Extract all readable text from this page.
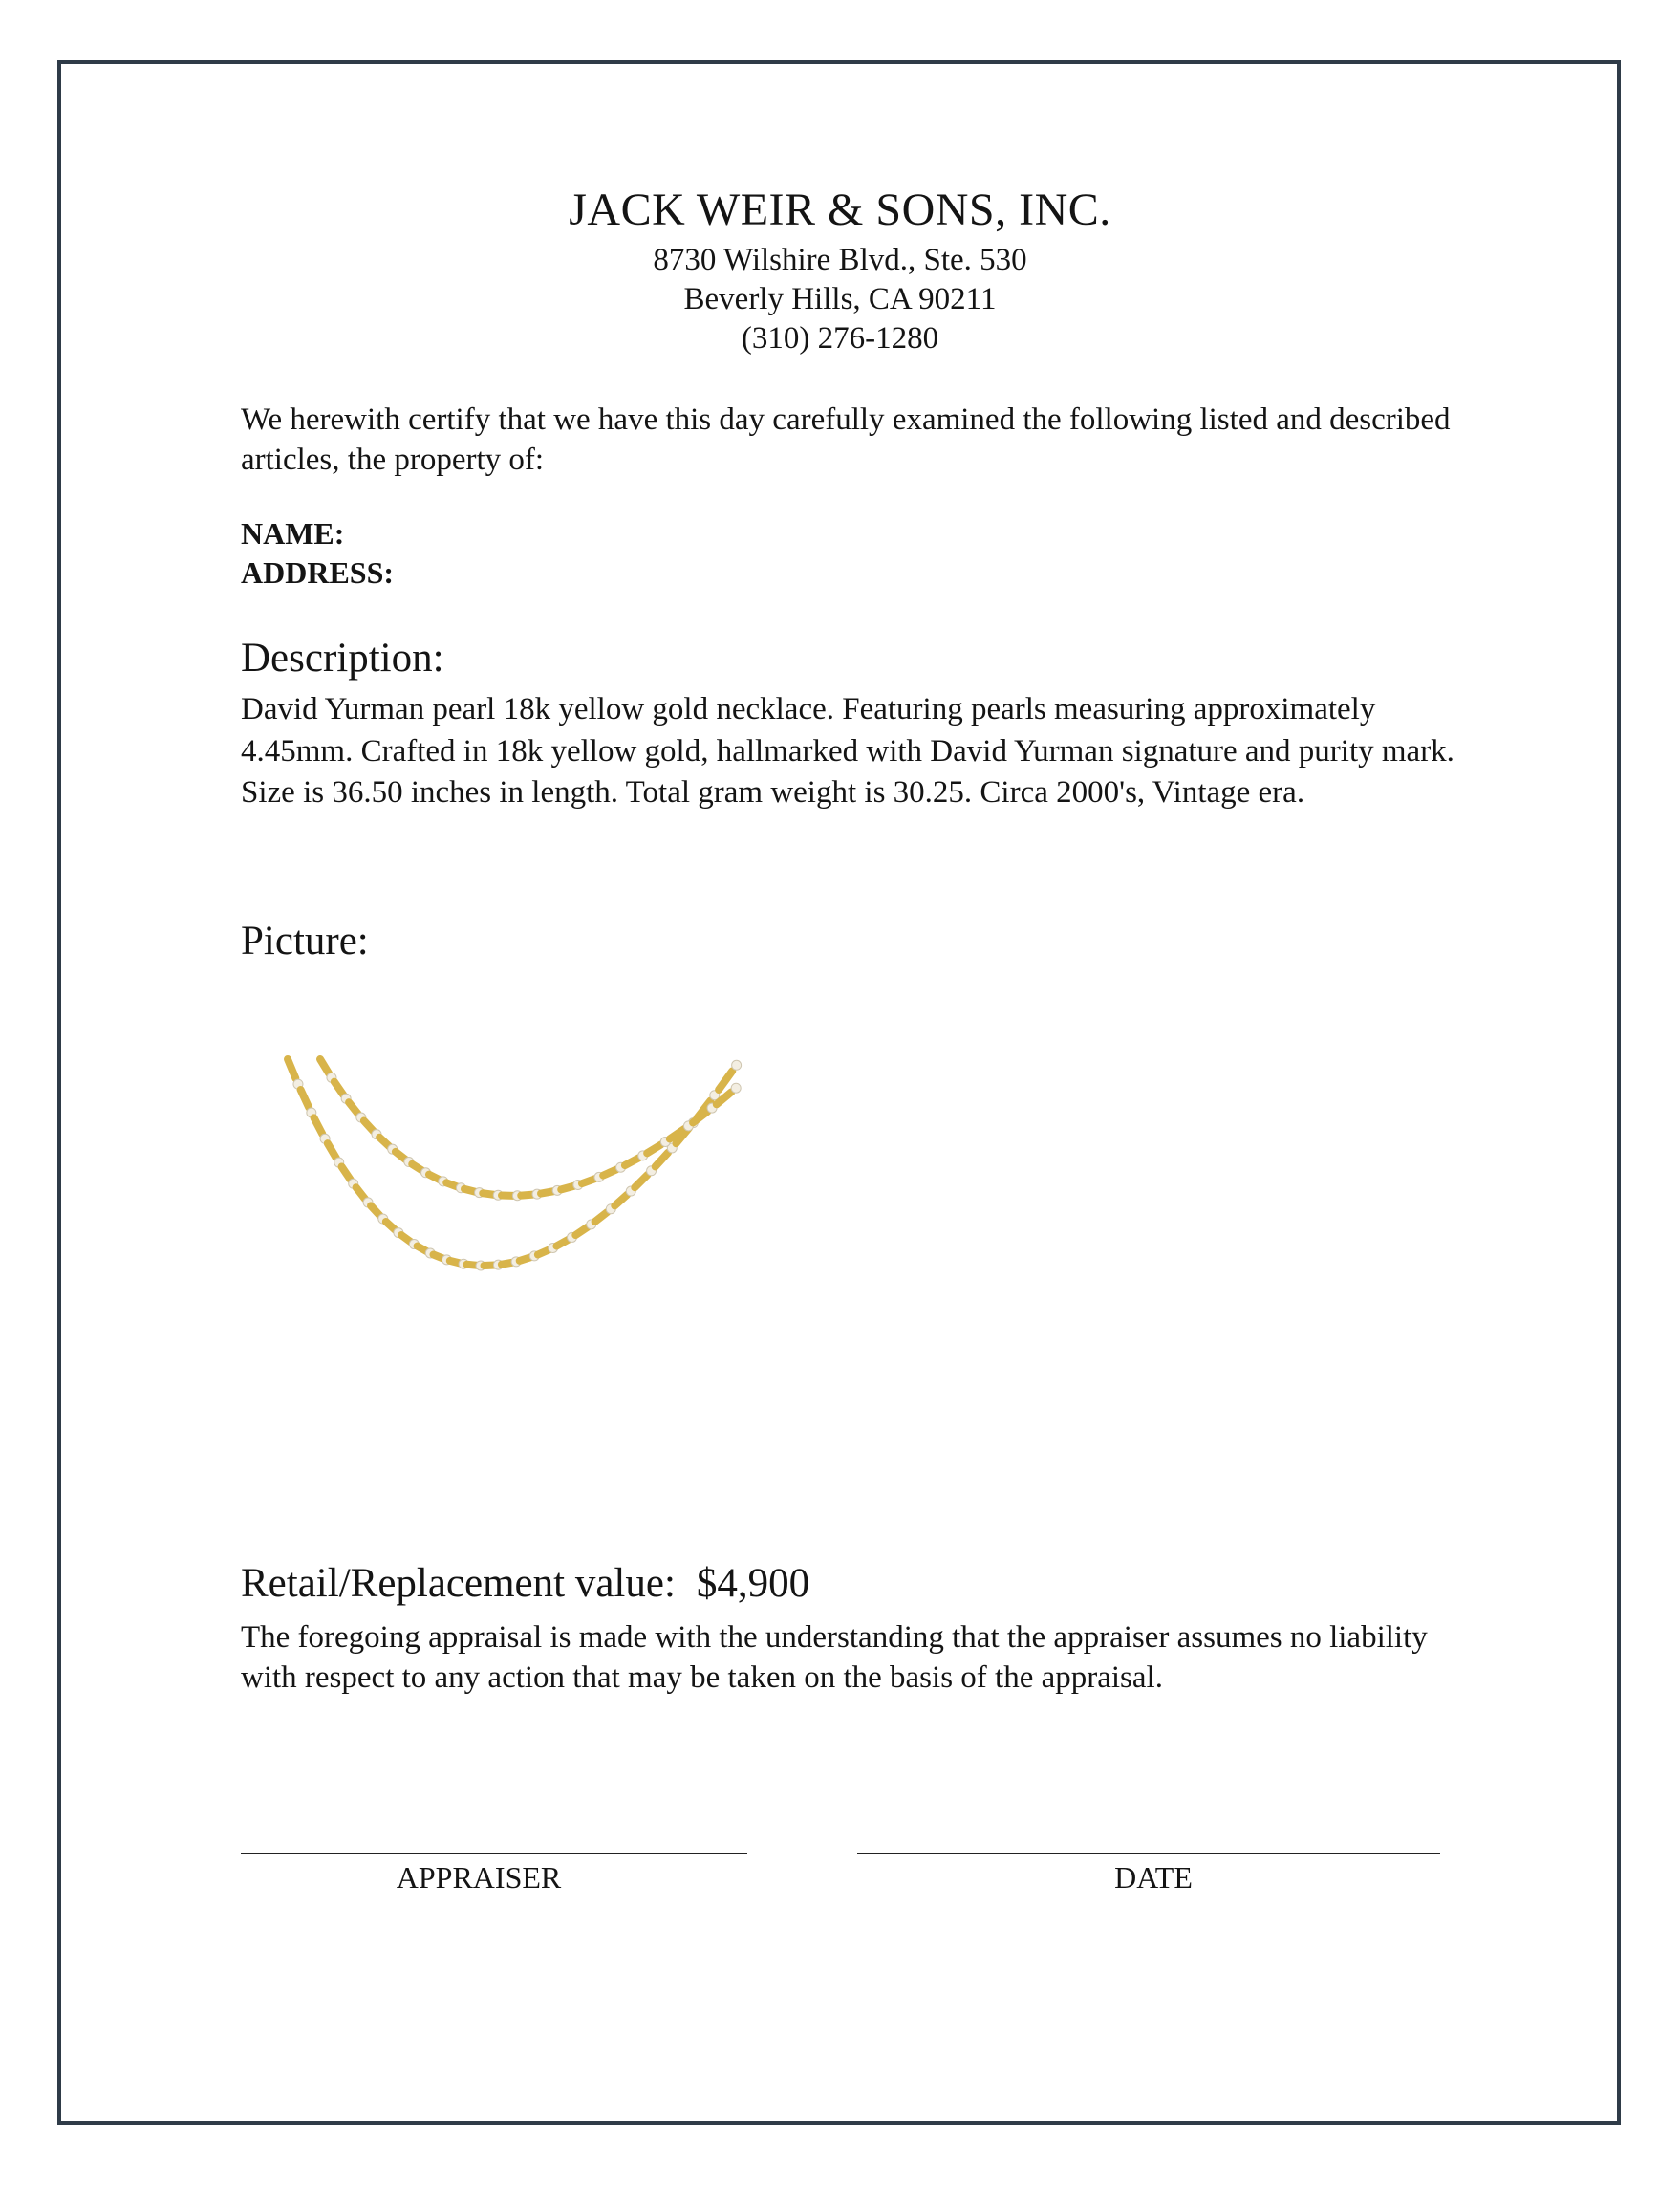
JACK WEIR & SONS, INC.
8730 Wilshire Blvd., Ste. 530
Beverly Hills, CA 90211
(310) 276-1280
We herewith certify that we have this day carefully examined the following listed and described articles, the property of:
NAME:
ADDRESS:
Description:
David Yurman pearl 18k yellow gold necklace. Featuring pearls measuring approximately 4.45mm. Crafted in 18k yellow gold, hallmarked with David Yurman signature and purity mark. Size is 36.50 inches in length. Total gram weight is 30.25. Circa 2000's, Vintage era.
Picture:
Retail/Replacement value: $4,900
The foregoing appraisal is made with the understanding that the appraiser assumes no liability with respect to any action that may be taken on the basis of the appraisal.
APPRAISER	DATE
